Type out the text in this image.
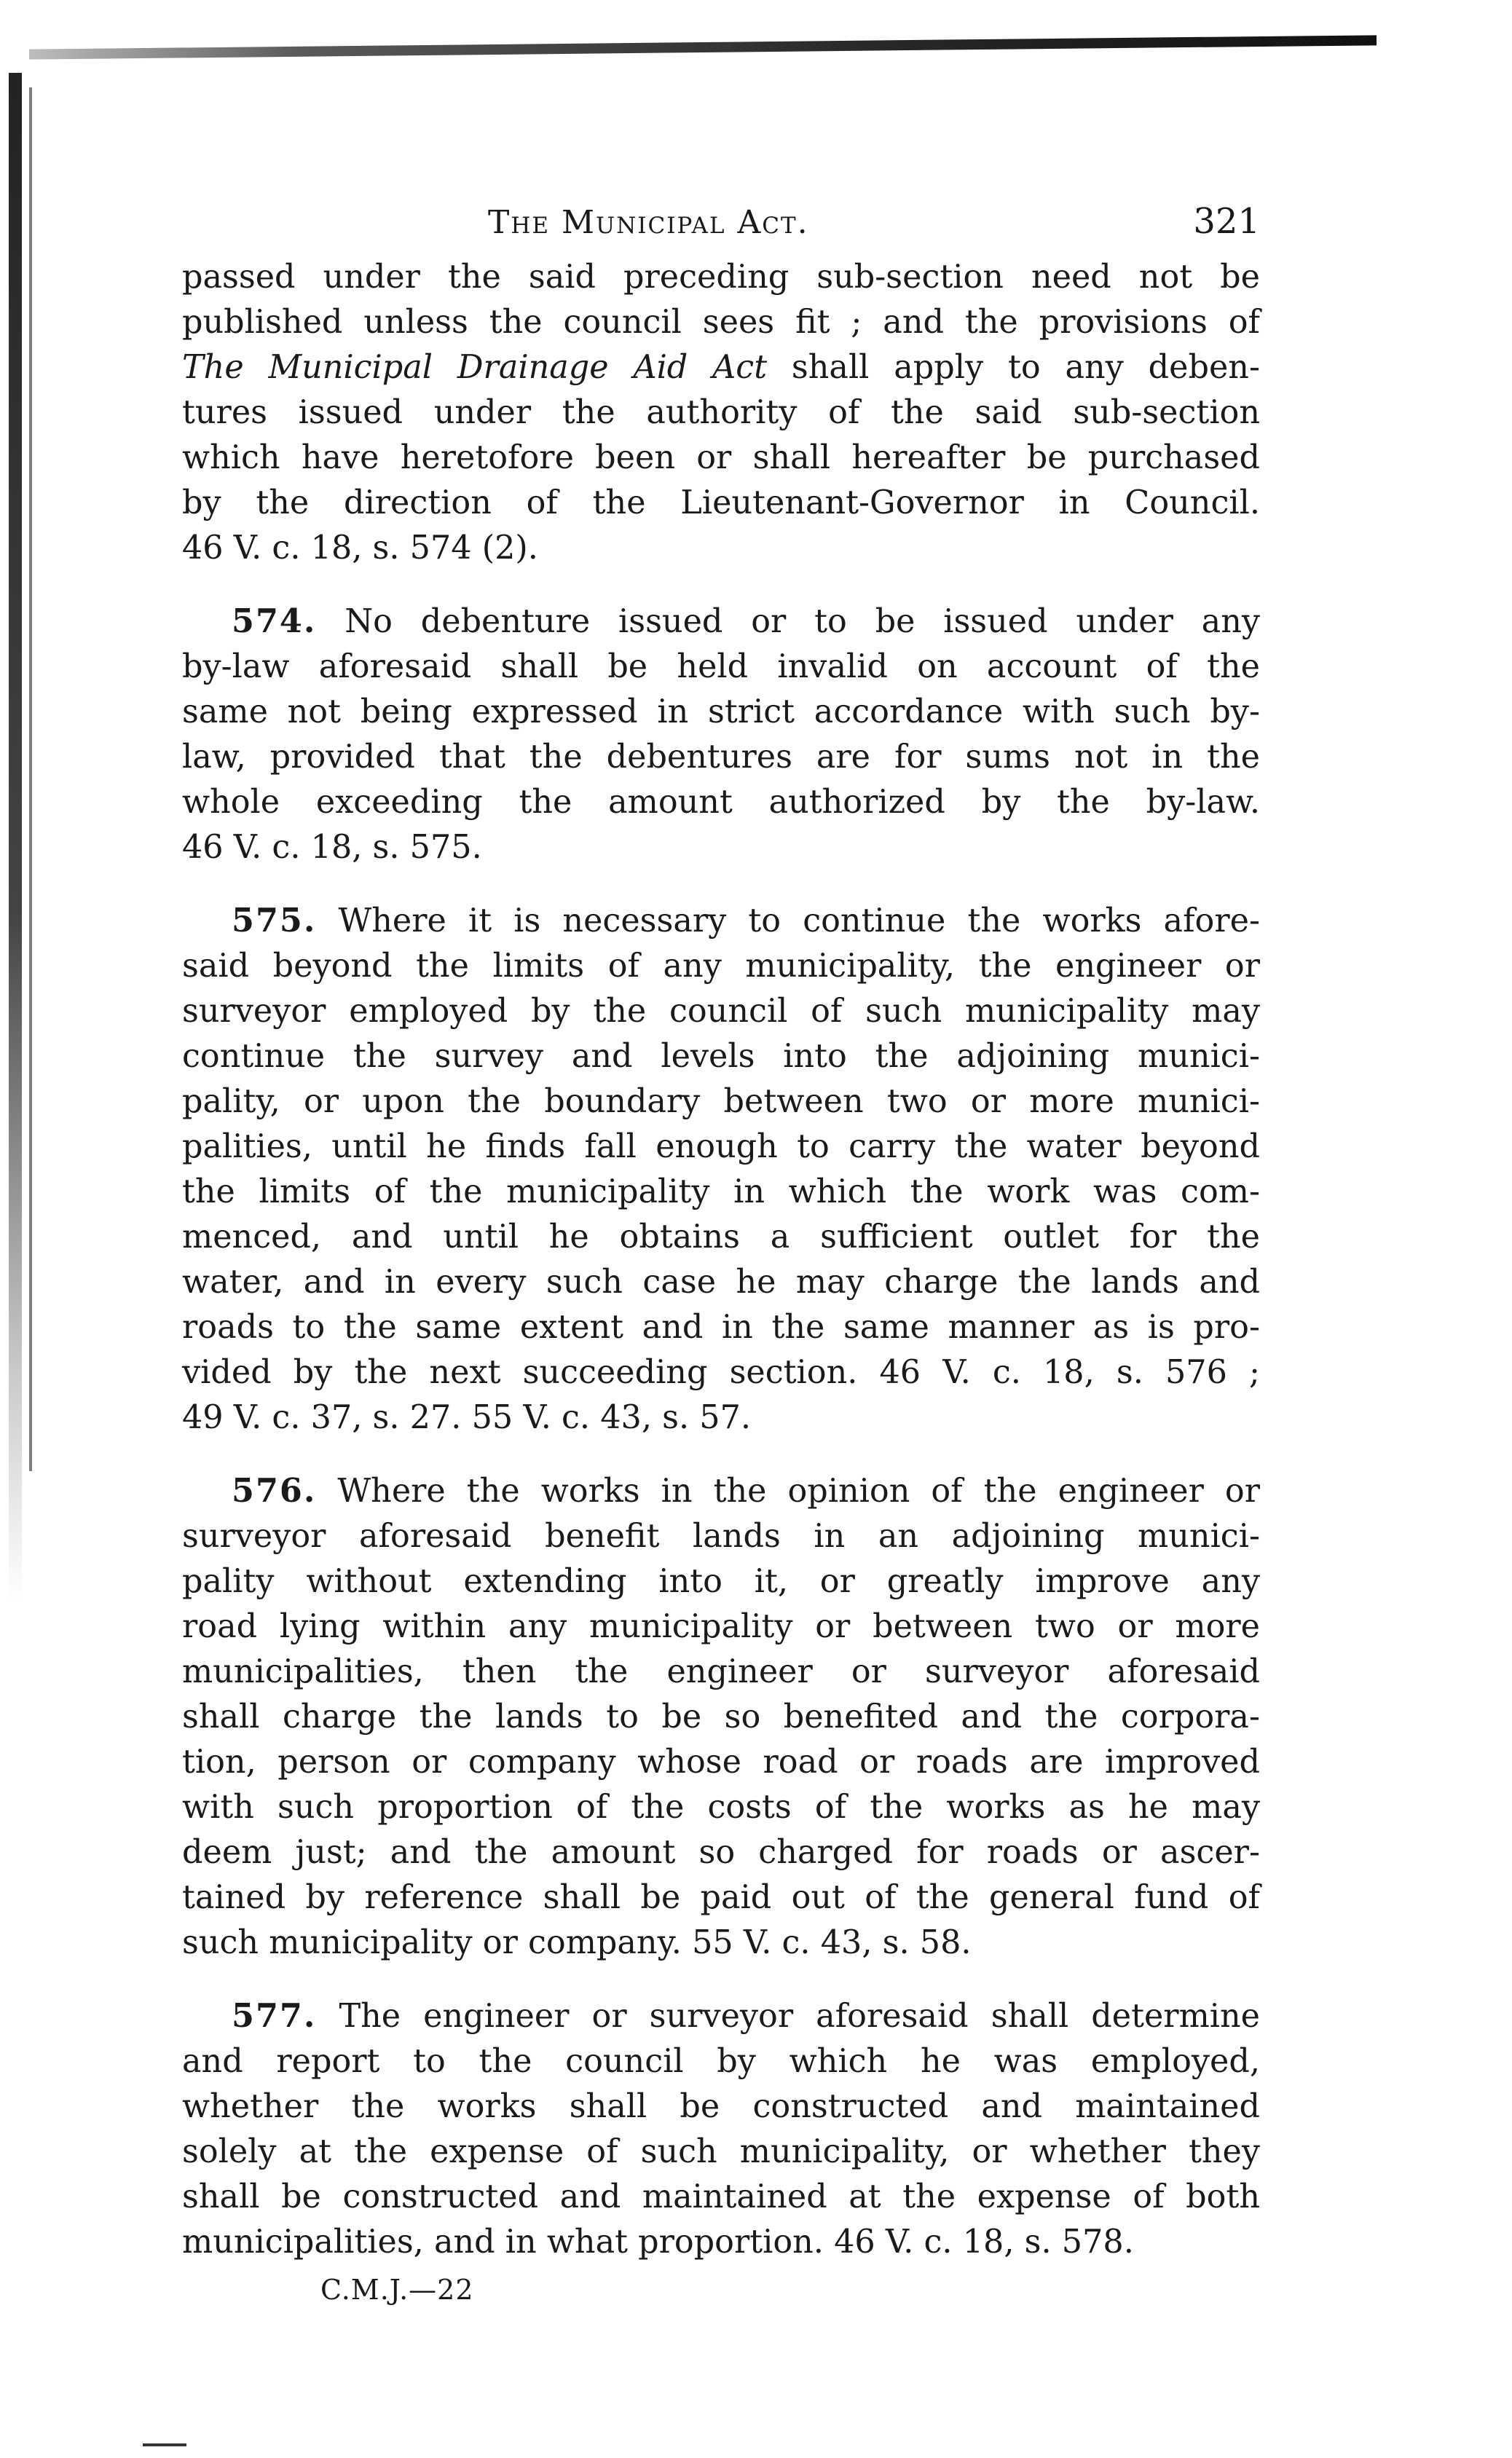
The Municipal Act.	321
passed under the said preceding sub-section need not be
published unless the council sees fit ; and the provisions of
The Municipal Drainage Aid Act shall apply to any deben-
tures issued under the authority of the said sub-section
which have heretofore been or shall hereafter be purchased
by the direction of the Lieutenant-Governor in Council.
46 V. c. 18, s. 574 (2).
574. No debenture issued or to be issued under any
by-law aforesaid shall be held invalid on account of the
same not being expressed in strict accordance with such by-
law, provided that the debentures are for sums not in the
whole exceeding the amount authorized by the by-law.
46 V. c. 18, s. 575.
575. Where it is necessary to continue the works afore-
said beyond the limits of any municipality, the engineer or
surveyor employed by the council of such municipality may
continue the survey and levels into the adjoining munici-
pality, or upon the boundary between two or more munici-
palities, until he finds fall enough to carry the water beyond
the limits of the municipality in which the work was com-
menced, and until he obtains a sufficient outlet for the
water, and in every such case he may charge the lands and
roads to the same extent and in the same manner as is pro-
vided by the next succeeding section. 46 V. c. 18, s. 576 ;
49 V. c. 37, s. 27. 55 V. c. 43, s. 57.
576. Where the works in the opinion of the engineer or
surveyor aforesaid benefit lands in an adjoining munici-
pality without extending into it, or greatly improve any
road lying within any municipality or between two or more
municipalities, then the engineer or surveyor aforesaid
shall charge the lands to be so benefited and the corpora-
tion, person or company whose road or roads are improved
with such proportion of the costs of the works as he may
deem just; and the amount so charged for roads or ascer-
tained by reference shall be paid out of the general fund of
such municipality or company. 55 V. c. 43, s. 58.
577. The engineer or surveyor aforesaid shall determine
and report to the council by which he was employed,
whether the works shall be constructed and maintained
solely at the expense of such municipality, or whether they
shall be constructed and maintained at the expense of both
municipalities, and in what proportion. 46 V. c. 18, s. 578.
C.M.J.—22
